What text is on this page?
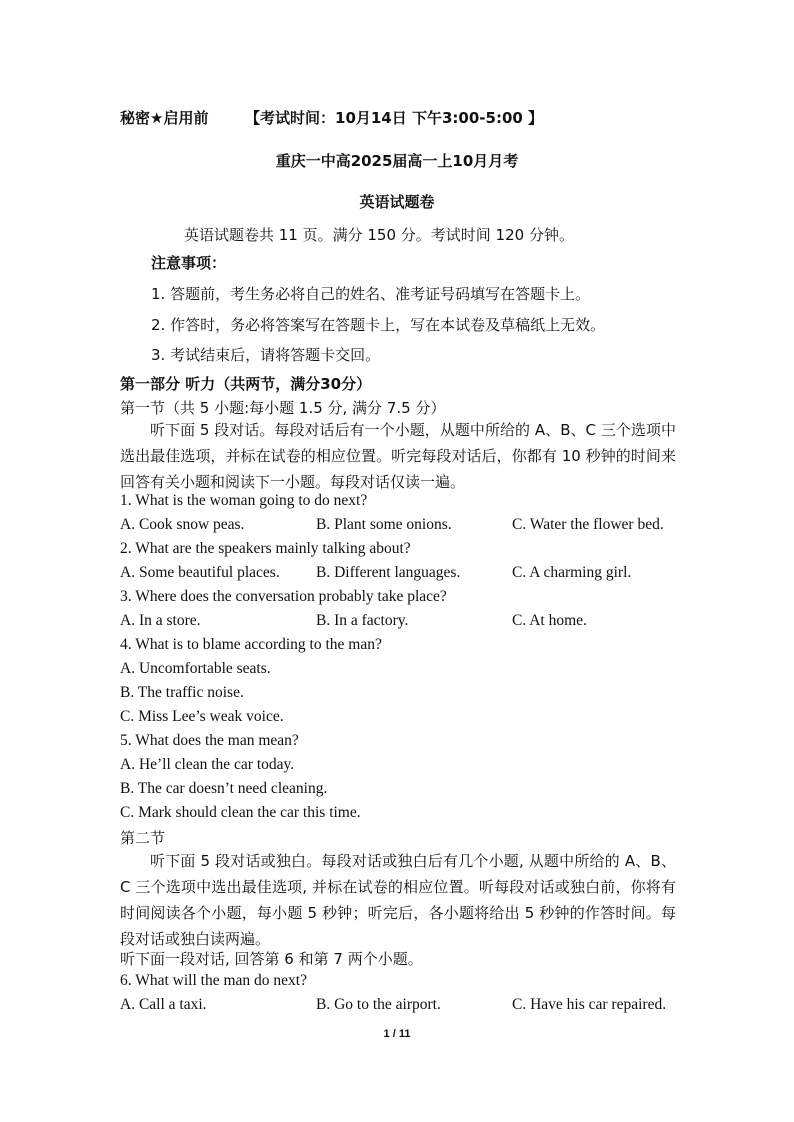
秘密★启用前 【考试时间：10月14日 下午3:00-5:00 】
重庆一中高2025届高一上10月月考
英语试题卷
英语试题卷共 11 页。满分 150 分。考试时间 120 分钟。
注意事项：
1. 答题前，考生务必将自己的姓名、准考证号码填写在答题卡上。
2. 作答时，务必将答案写在答题卡上，写在本试卷及草稿纸上无效。
3. 考试结束后，请将答题卡交回。
第一部分 听力（共两节，满分30分）
第一节（共 5 小题:每小题 1.5 分, 满分 7.5 分）
听下面 5 段对话。每段对话后有一个小题，从题中所给的 A、B、C 三个选项中选出最佳选项，并标在试卷的相应位置。听完每段对话后，你都有 10 秒钟的时间来回答有关小题和阅读下一小题。每段对话仅读一遍。
1. What is the woman going to do next?
A. Cook snow peas.	B. Plant some onions.	C. Water the flower bed.
2. What are the speakers mainly talking about?
A. Some beautiful places. B. Different languages.	C. A charming girl.
3. Where does the conversation probably take place?
A. In a store.	B. In a factory.	C. At home.
4. What is to blame according to the man?
A. Uncomfortable seats.
B. The traffic noise.
C. Miss Lee’s weak voice.
5. What does the man mean?
A. He’ll clean the car today.
B. The car doesn’t need cleaning.
C. Mark should clean the car this time.
第二节
听下面 5 段对话或独白。每段对话或独白后有几个小题, 从题中所给的 A、B、C 三个选项中选出最佳选项, 并标在试卷的相应位置。听每段对话或独白前，你将有时间阅读各个小题，每小题 5 秒钟；听完后，各小题将给出 5 秒钟的作答时间。每段对话或独白读两遍。
听下面一段对话, 回答第 6 和第 7 两个小题。
6. What will the man do next?
A. Call a taxi.	B. Go to the airport.	C. Have his car repaired.
1 / 11
